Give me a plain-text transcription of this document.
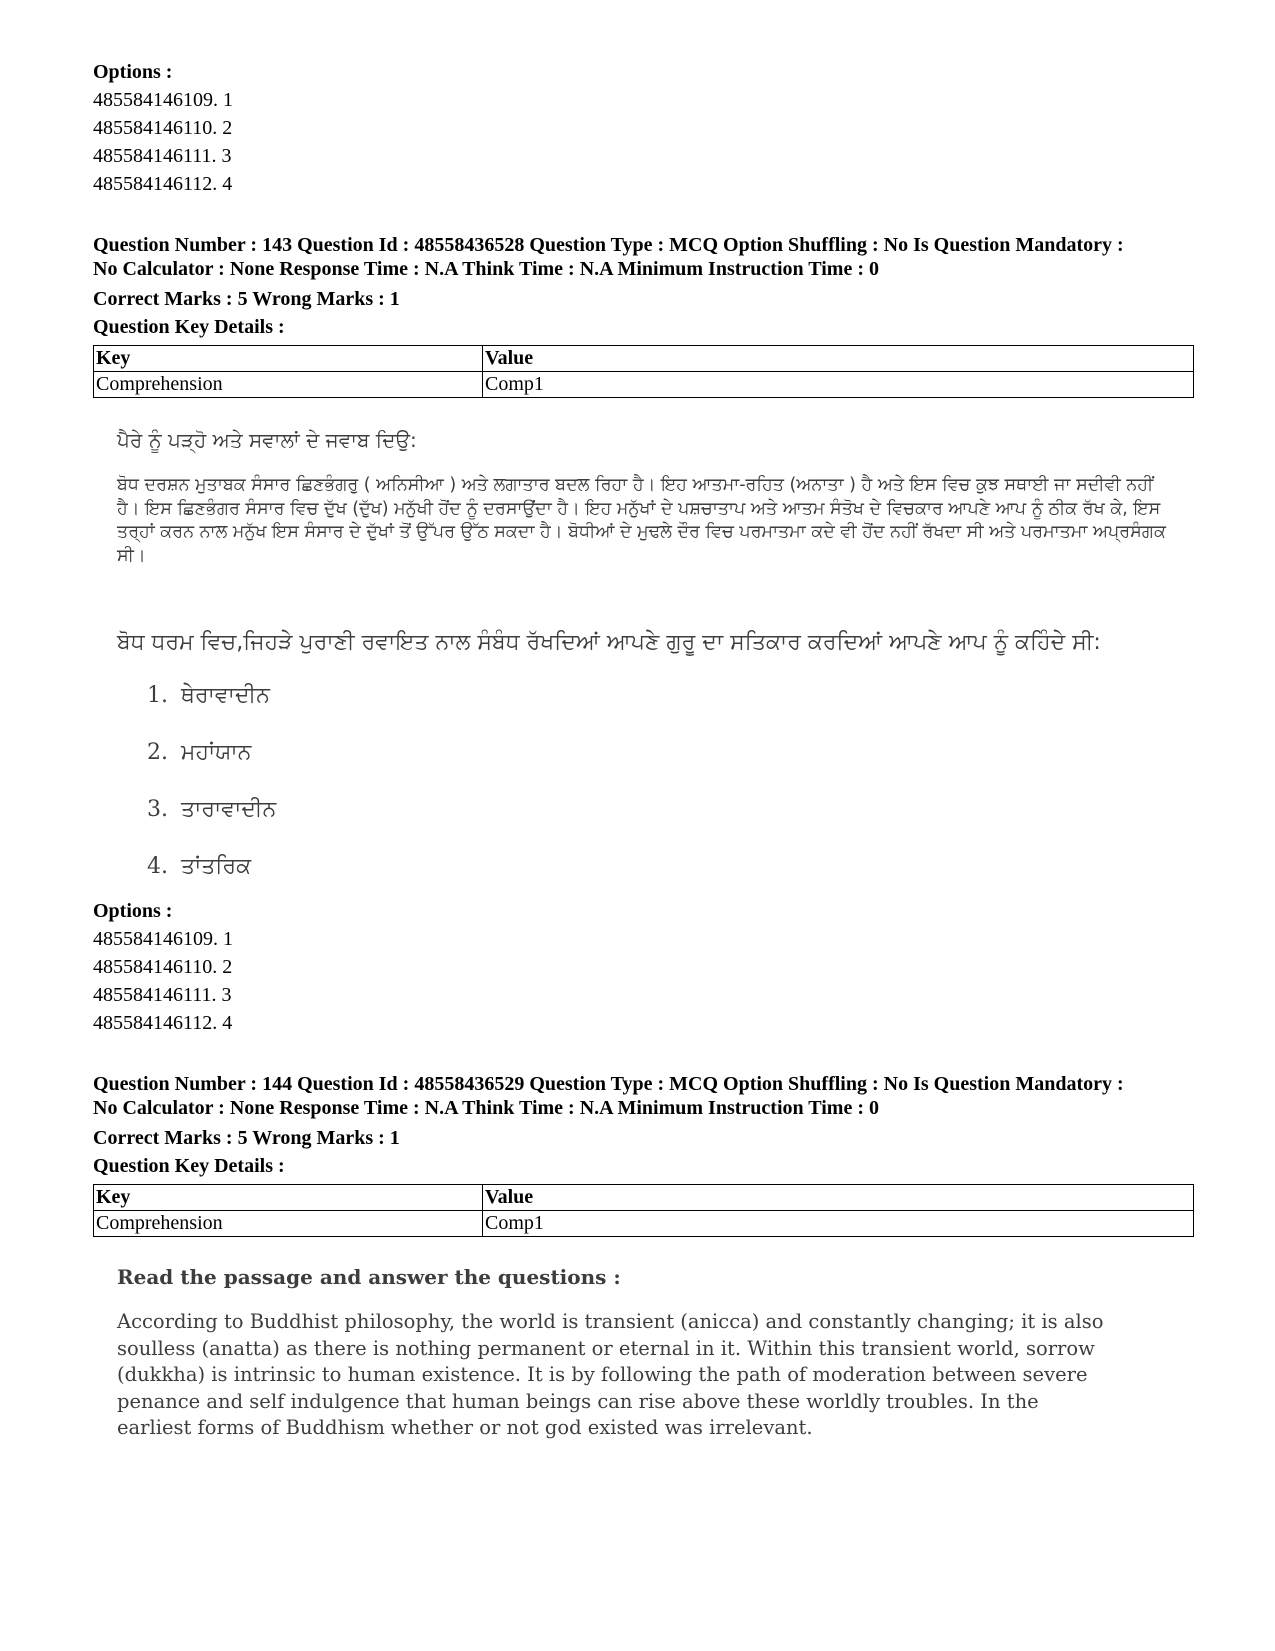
Options :

485584146109. 1

485584146110. 2

485584146111. 3

485584146112. 4

Question Number : 143 Question Id : 48558436528 Question Type : MCQ Option Shuffling : No Is Question Mandatory :

No Calculator : None Response Time : N.A Think Time : N.A Minimum Instruction Time : 0

Correct Marks : 5 Wrong Marks : 1

Question Key Details :

Key	Value
Comprehension	Comp1

ਪੈਰੇ ਨੂੰ ਪੜ੍ਹੋ ਅਤੇ ਸਵਾਲਾਂ ਦੇ ਜਵਾਬ ਦਿਉ:

ਬੋਧ ਦਰਸ਼ਨ ਮੁਤਾਬਕ ਸੰਸਾਰ ਛਿਣਭੰਗਰੁ ( ਅਨਿਸੀਆ ) ਅਤੇ ਲਗਾਤਾਰ ਬਦਲ ਰਿਹਾ ਹੈ। ਇਹ ਆਤਮਾ-ਰਹਿਤ (ਅਨਾਤਾ ) ਹੈ ਅਤੇ ਇਸ ਵਿਚ ਕੁਝ ਸਥਾਈ ਜਾ ਸਦੀਵੀ ਨਹੀਂ ਹੈ। ਇਸ ਛਿਣਭੰਗਰ ਸੰਸਾਰ ਵਿਚ ਦੁੱਖ (ਦੁੱਖ) ਮਨੁੱਖੀ ਹੋਂਦ ਨੂੰ ਦਰਸਾਉਂਦਾ ਹੈ। ਇਹ ਮਨੁੱਖਾਂ ਦੇ ਪਸ਼ਚਾਤਾਪ ਅਤੇ ਆਤਮ ਸੰਤੋਖ ਦੇ ਵਿਚਕਾਰ ਆਪਣੇ ਆਪ ਨੂੰ ਠੀਕ ਰੱਖ ਕੇ, ਇਸ ਤਰ੍ਹਾਂ ਕਰਨ ਨਾਲ ਮਨੁੱਖ ਇਸ ਸੰਸਾਰ ਦੇ ਦੁੱਖਾਂ ਤੋਂ ਉੱਪਰ ਉੱਠ ਸਕਦਾ ਹੈ। ਬੋਧੀਆਂ ਦੇ ਮੁਢਲੇ ਦੌਰ ਵਿਚ ਪਰਮਾਤਮਾ ਕਦੇ ਵੀ ਹੋਂਦ ਨਹੀਂ ਰੱਖਦਾ ਸੀ ਅਤੇ ਪਰਮਾਤਮਾ ਅਪ੍ਰਸੰਗਕ ਸੀ।

ਬੋਧ ਧਰਮ ਵਿਚ,ਜਿਹੜੇ ਪੁਰਾਣੀ ਰਵਾਇਤ ਨਾਲ ਸੰਬੰਧ ਰੱਖਦਿਆਂ ਆਪਣੇ ਗੁਰੂ ਦਾ ਸਤਿਕਾਰ ਕਰਦਿਆਂ ਆਪਣੇ ਆਪ ਨੂੰ ਕਹਿੰਦੇ ਸੀ:

1. ਥੇਰਾਵਾਦੀਨ
2. ਮਹਾਂਯਾਨ
3. ਤਾਰਾਵਾਦੀਨ
4. ਤਾਂਤਰਿਕ

Options :

485584146109. 1

485584146110. 2

485584146111. 3

485584146112. 4

Question Number : 144 Question Id : 48558436529 Question Type : MCQ Option Shuffling : No Is Question Mandatory :

No Calculator : None Response Time : N.A Think Time : N.A Minimum Instruction Time : 0

Correct Marks : 5 Wrong Marks : 1

Question Key Details :

Key	Value
Comprehension	Comp1

Read the passage and answer the questions :

According to Buddhist philosophy, the world is transient (anicca) and constantly changing; it is also soulless (anatta) as there is nothing permanent or eternal in it. Within this transient world, sorrow (dukkha) is intrinsic to human existence. It is by following the path of moderation between severe penance and self indulgence that human beings can rise above these worldly troubles. In the earliest forms of Buddhism whether or not god existed was irrelevant.
